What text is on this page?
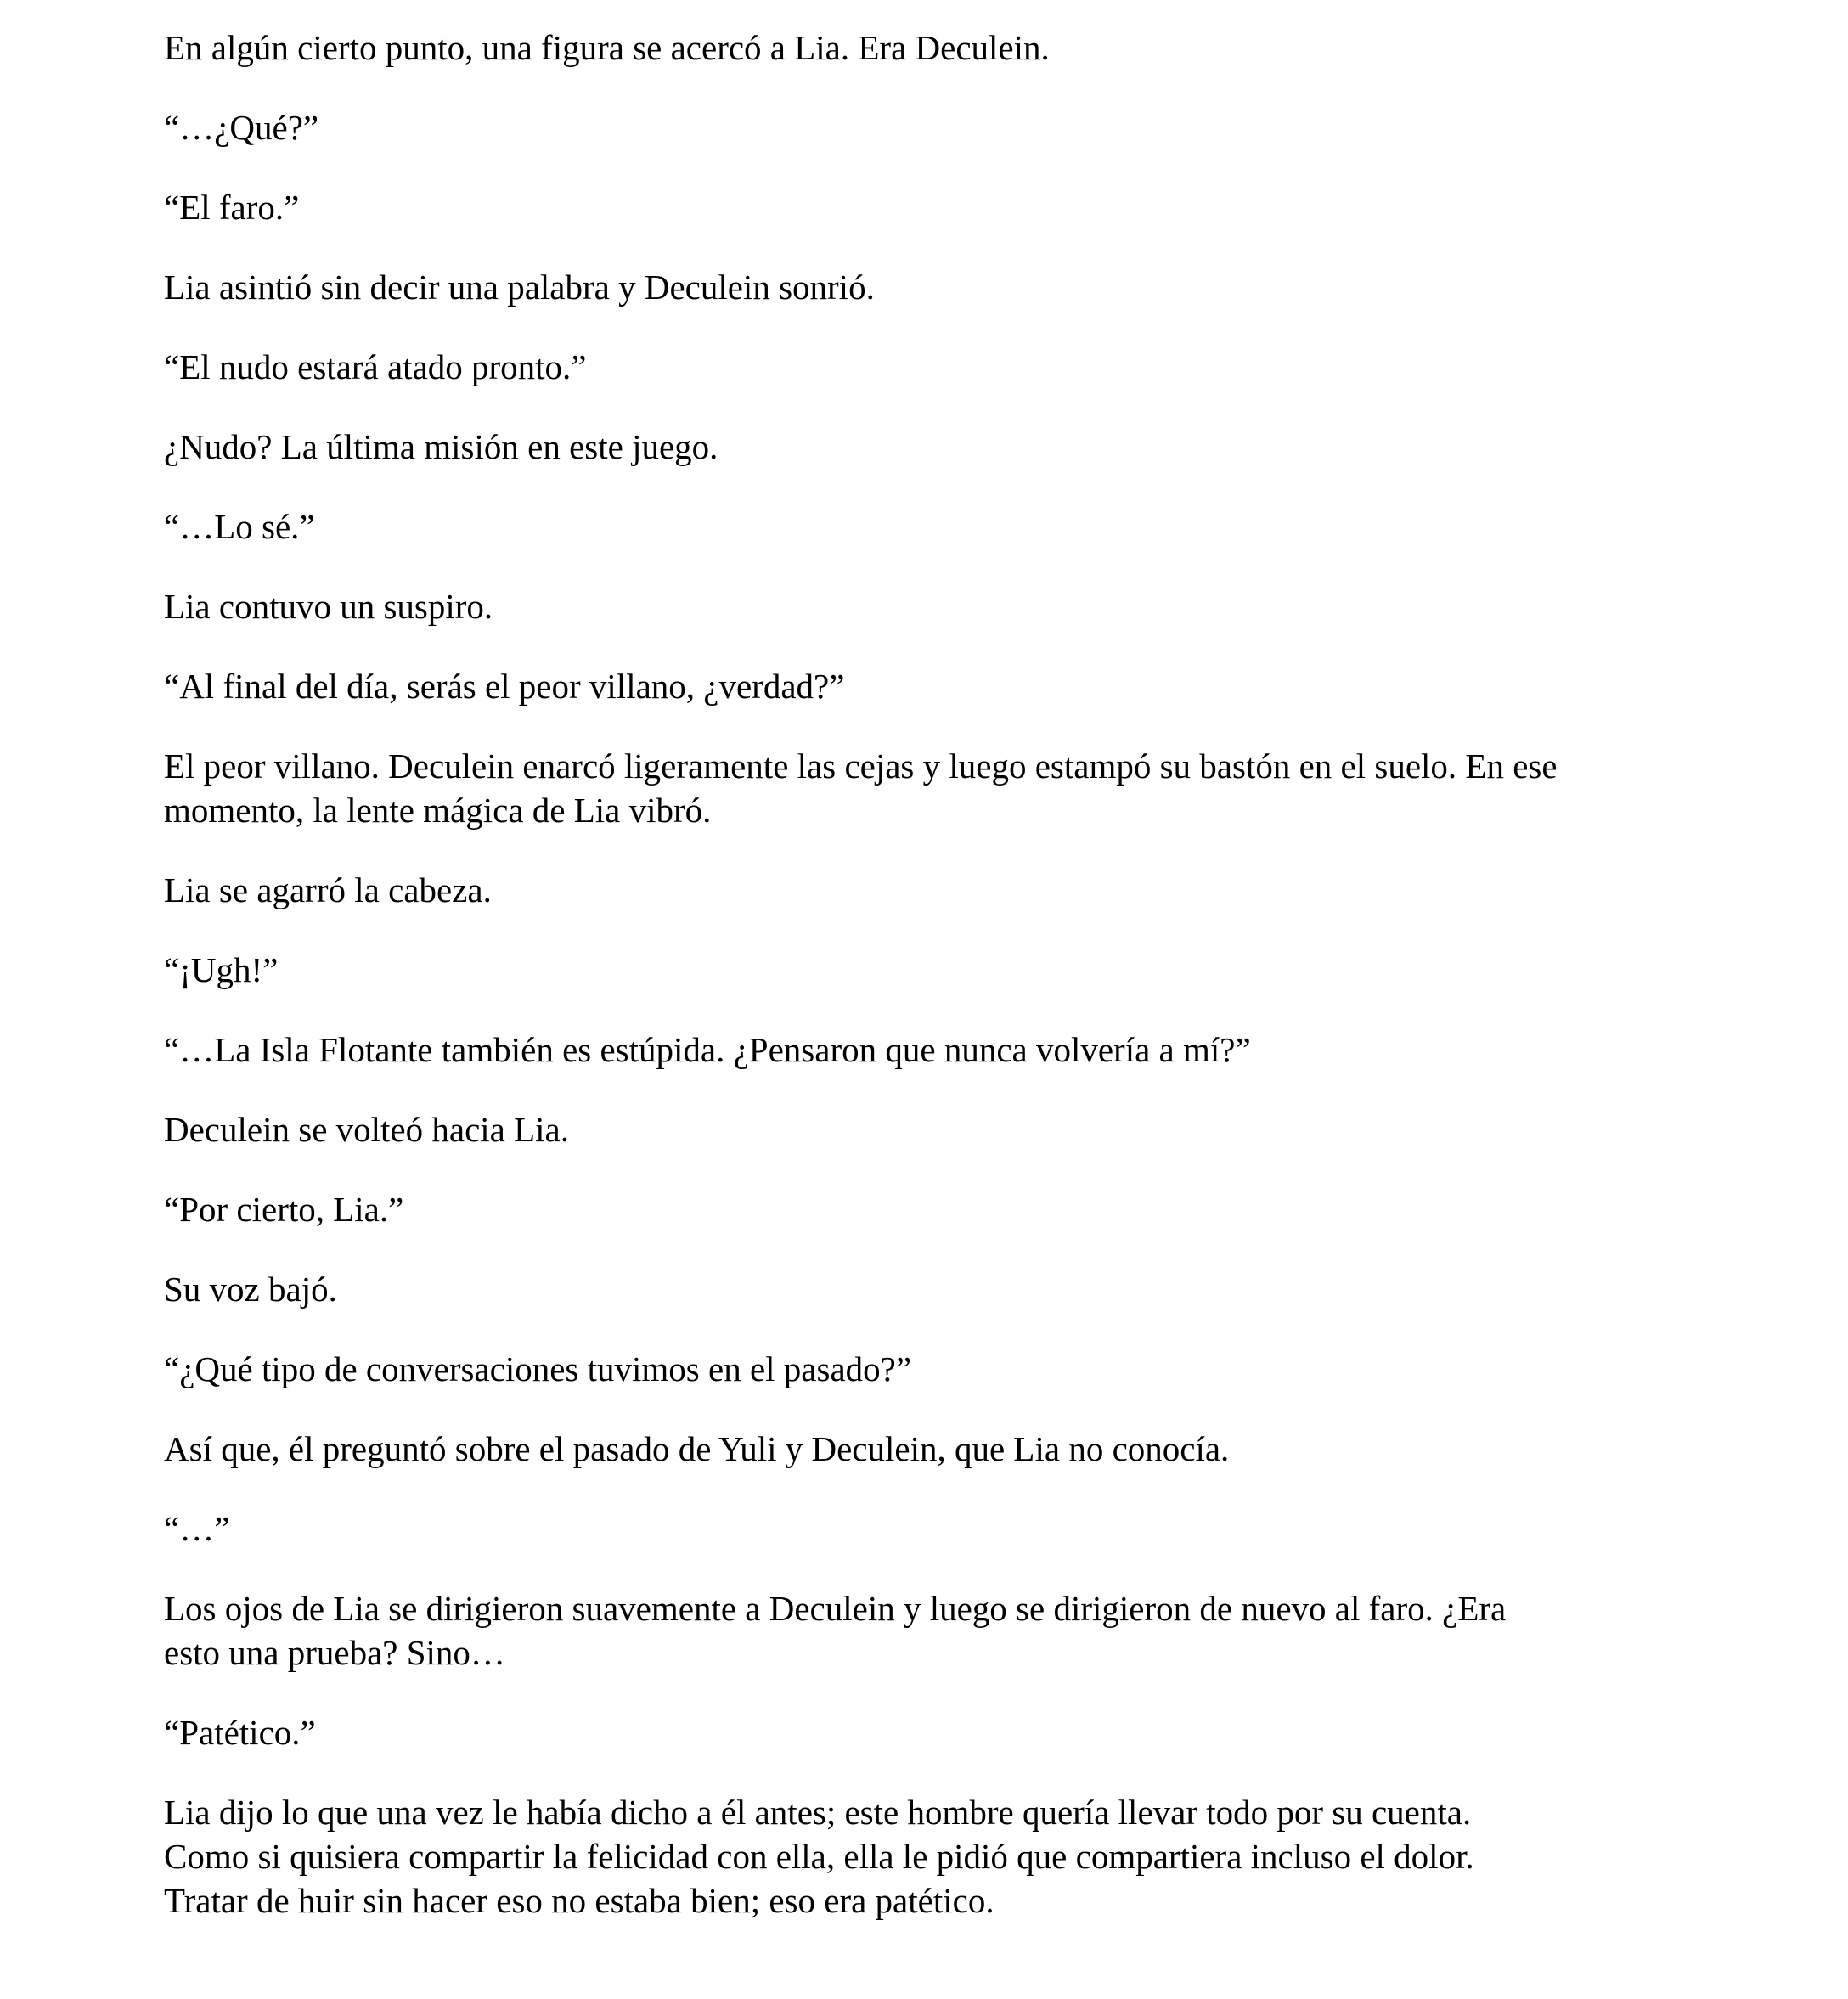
En algún cierto punto, una figura se acercó a Lia. Era Deculein.

“…¿Qué?”

“El faro.”

Lia asintió sin decir una palabra y Deculein sonrió.

“El nudo estará atado pronto.”

¿Nudo? La última misión en este juego.

“…Lo sé.”

Lia contuvo un suspiro.

“Al final del día, serás el peor villano, ¿verdad?”

El peor villano. Deculein enarcó ligeramente las cejas y luego estampó su bastón en el suelo. En ese
momento, la lente mágica de Lia vibró.

Lia se agarró la cabeza.

“¡Ugh!”

“…La Isla Flotante también es estúpida. ¿Pensaron que nunca volvería a mí?”

Deculein se volteó hacia Lia.

“Por cierto, Lia.”

Su voz bajó.

“¿Qué tipo de conversaciones tuvimos en el pasado?”

Así que, él preguntó sobre el pasado de Yuli y Deculein, que Lia no conocía.

“…”

Los ojos de Lia se dirigieron suavemente a Deculein y luego se dirigieron de nuevo al faro. ¿Era
esto una prueba? Sino…

“Patético.”

Lia dijo lo que una vez le había dicho a él antes; este hombre quería llevar todo por su cuenta.
Como si quisiera compartir la felicidad con ella, ella le pidió que compartiera incluso el dolor.
Tratar de huir sin hacer eso no estaba bien; eso era patético.
